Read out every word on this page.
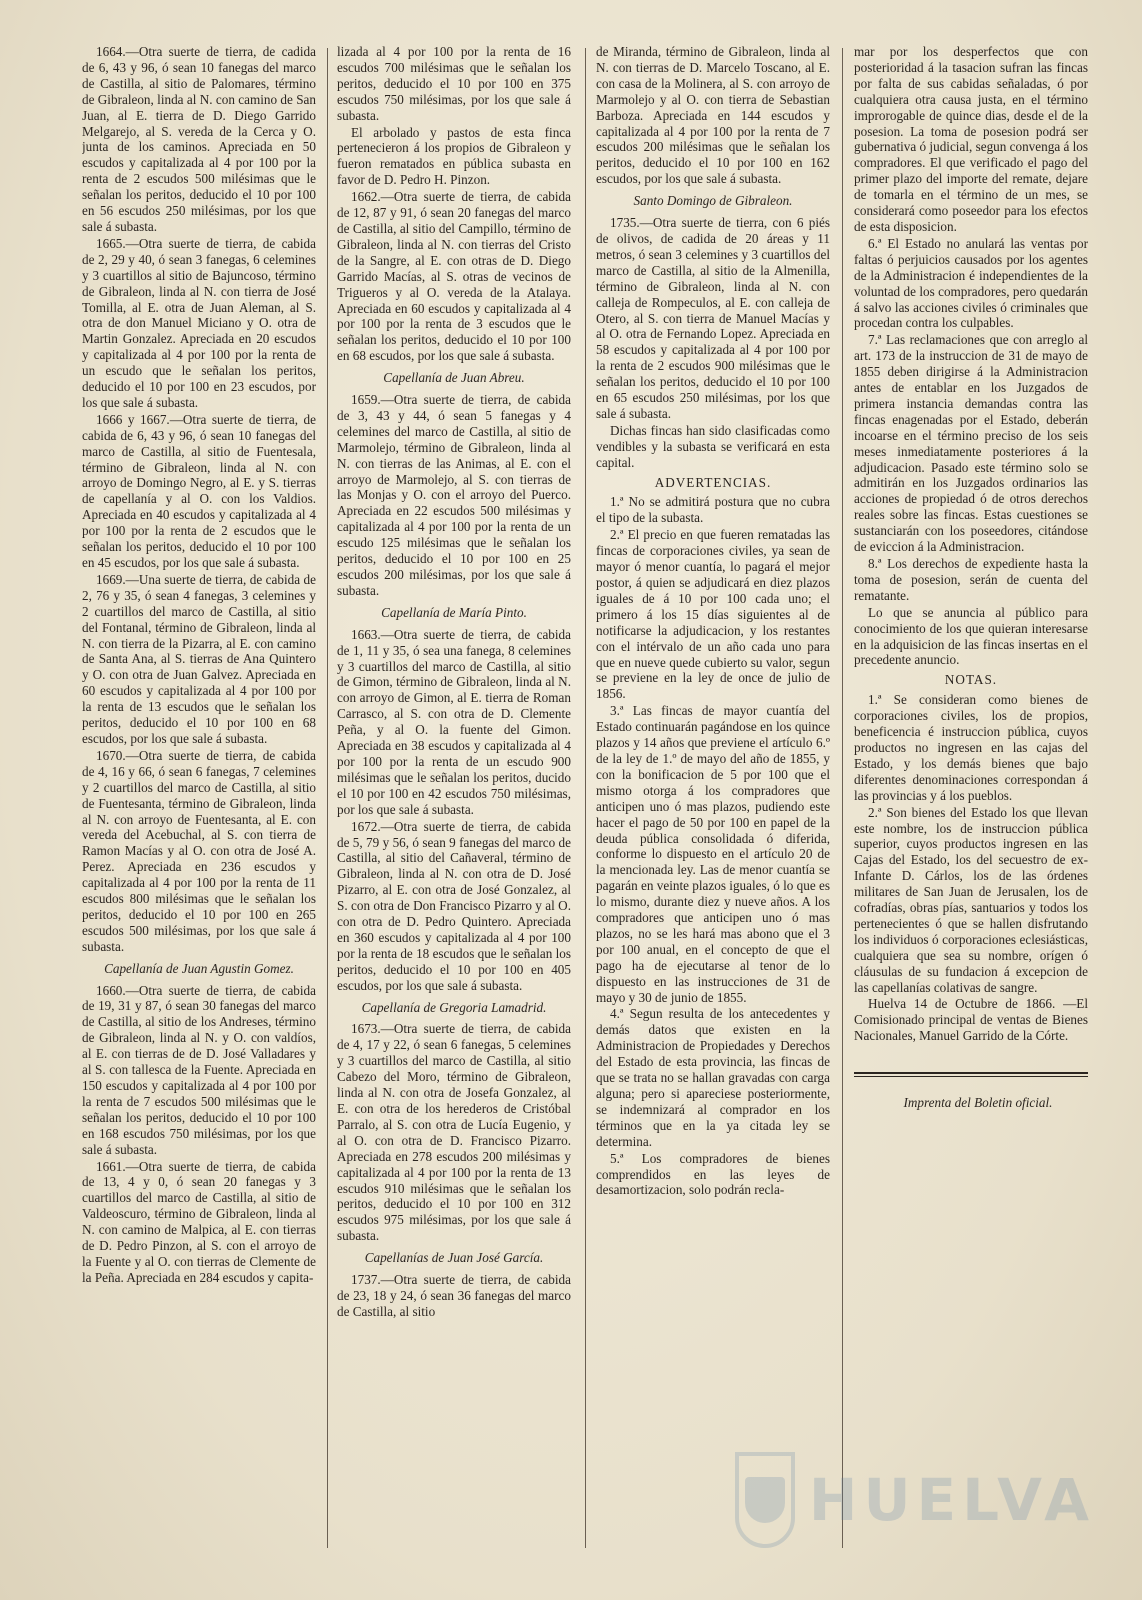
1664.—Otra suerte de tierra, de cadida de 6, 43 y 96, ó sean 10 fanegas del marco de Castilla, al sitio de Palomares, término de Gibraleon, linda al N. con camino de San Juan, al E. tierra de D. Diego Garrido Melgarejo, al S. vereda de la Cerca y O. junta de los caminos. Apreciada en 50 escudos y capitalizada al 4 por 100 por la renta de 2 escudos 500 milésimas que le señalan los peritos, deducido el 10 por 100 en 56 escudos 250 milésimas, por los que sale á subasta.

1665.—Otra suerte de tierra, de cabida de 2, 29 y 40, ó sean 3 fanegas, 6 celemines y 3 cuartillos al sitio de Bajuncoso, término de Gibraleon, linda al N. con tierra de José Tomilla, al E. otra de Juan Aleman, al S. otra de don Manuel Miciano y O. otra de Martin Gonzalez. Apreciada en 20 escudos y capitalizada al 4 por 100 por la renta de un escudo que le señalan los peritos, deducido el 10 por 100 en 23 escudos, por los que sale á subasta.

1666 y 1667.—Otra suerte de tierra, de cabida de 6, 43 y 96, ó sean 10 fanegas del marco de Castilla, al sitio de Fuentesala, término de Gibraleon, linda al N. con arroyo de Domingo Negro, al E. y S. tierras de capellanía y al O. con los Valdios. Apreciada en 40 escudos y capitalizada al 4 por 100 por la renta de 2 escudos que le señalan los peritos, deducido el 10 por 100 en 45 escudos, por los que sale á subasta.

1669.—Una suerte de tierra, de cabida de 2, 76 y 35, ó sean 4 fanegas, 3 celemines y 2 cuartillos del marco de Castilla, al sitio del Fontanal, término de Gibraleon, linda al N. con tierra de la Pizarra, al E. con camino de Santa Ana, al S. tierras de Ana Quintero y O. con otra de Juan Galvez. Apreciada en 60 escudos y capitalizada al 4 por 100 por la renta de 13 escudos que le señalan los peritos, deducido el 10 por 100 en 68 escudos, por los que sale á subasta.

1670.—Otra suerte de tierra, de cabida de 4, 16 y 66, ó sean 6 fanegas, 7 celemines y 2 cuartillos del marco de Castilla, al sitio de Fuentesanta, término de Gibraleon, linda al N. con arroyo de Fuentesanta, al E. con vereda del Acebuchal, al S. con tierra de Ramon Macías y al O. con otra de José A. Perez. Apreciada en 236 escudos y capitalizada al 4 por 100 por la renta de 11 escudos 800 milésimas que le señalan los peritos, deducido el 10 por 100 en 265 escudos 500 milésimas, por los que sale á subasta.

Capellanía de Juan Agustin Gomez.

1660.—Otra suerte de tierra, de cabida de 19, 31 y 87, ó sean 30 fanegas del marco de Castilla, al sitio de los Andreses, término de Gibraleon, linda al N. y O. con valdíos, al E. con tierras de de D. José Valladares y al S. con tallesca de la Fuente. Apreciada en 150 escudos y capitalizada al 4 por 100 por la renta de 7 escudos 500 milésimas que le señalan los peritos, deducido el 10 por 100 en 168 escudos 750 milésimas, por los que sale á subasta.

1661.—Otra suerte de tierra, de cabida de 13, 4 y 0, ó sean 20 fanegas y 3 cuartillos del marco de Castilla, al sitio de Valdeoscuro, término de Gibraleon, linda al N. con camino de Malpica, al E. con tierras de D. Pedro Pinzon, al S. con el arroyo de la Fuente y al O. con tierras de Clemente de la Peña. Apreciada en 284 escudos y capita-

lizada al 4 por 100 por la renta de 16 escudos 700 milésimas que le señalan los peritos, deducido el 10 por 100 en 375 escudos 750 milésimas, por los que sale á subasta.

El arbolado y pastos de esta finca pertenecieron á los propios de Gibraleon y fueron rematados en pública subasta en favor de D. Pedro H. Pinzon.

1662.—Otra suerte de tierra, de cabida de 12, 87 y 91, ó sean 20 fanegas del marco de Castilla, al sitio del Campillo, término de Gibraleon, linda al N. con tierras del Cristo de la Sangre, al E. con otras de D. Diego Garrido Macías, al S. otras de vecinos de Trigueros y al O. vereda de la Atalaya. Apreciada en 60 escudos y capitalizada al 4 por 100 por la renta de 3 escudos que le señalan los peritos, deducido el 10 por 100 en 68 escudos, por los que sale á subasta.

Capellanía de Juan Abreu.

1659.—Otra suerte de tierra, de cabida de 3, 43 y 44, ó sean 5 fanegas y 4 celemines del marco de Castilla, al sitio de Marmolejo, término de Gibraleon, linda al N. con tierras de las Animas, al E. con el arroyo de Marmolejo, al S. con tierras de las Monjas y O. con el arroyo del Puerco. Apreciada en 22 escudos 500 milésimas y capitalizada al 4 por 100 por la renta de un escudo 125 milésimas que le señalan los peritos, deducido el 10 por 100 en 25 escudos 200 milésimas, por los que sale á subasta.

Capellanía de María Pinto.

1663.—Otra suerte de tierra, de cabida de 1, 11 y 35, ó sea una fanega, 8 celemines y 3 cuartillos del marco de Castilla, al sitio de Gimon, término de Gibraleon, linda al N. con arroyo de Gimon, al E. tierra de Roman Carrasco, al S. con otra de D. Clemente Peña, y al O. la fuente del Gimon. Apreciada en 38 escudos y capitalizada al 4 por 100 por la renta de un escudo 900 milésimas que le señalan los peritos, ducido el 10 por 100 en 42 escudos 750 milésimas, por los que sale á subasta.

1672.—Otra suerte de tierra, de cabida de 5, 79 y 56, ó sean 9 fanegas del marco de Castilla, al sitio del Cañaveral, término de Gibraleon, linda al N. con otra de D. José Pizarro, al E. con otra de José Gonzalez, al S. con otra de Don Francisco Pizarro y al O. con otra de D. Pedro Quintero. Apreciada en 360 escudos y capitalizada al 4 por 100 por la renta de 18 escudos que le señalan los peritos, deducido el 10 por 100 en 405 escudos, por los que sale á subasta.

Capellanía de Gregoria Lamadrid.

1673.—Otra suerte de tierra, de cabida de 4, 17 y 22, ó sean 6 fanegas, 5 celemines y 3 cuartillos del marco de Castilla, al sitio Cabezo del Moro, término de Gibraleon, linda al N. con otra de Josefa Gonzalez, al E. con otra de los herederos de Cristóbal Parralo, al S. con otra de Lucía Eugenio, y al O. con otra de D. Francisco Pizarro. Apreciada en 278 escudos 200 milésimas y capitalizada al 4 por 100 por la renta de 13 escudos 910 milésimas que le señalan los peritos, deducido el 10 por 100 en 312 escudos 975 milésimas, por los que sale á subasta.

Capellanías de Juan José García.

1737.—Otra suerte de tierra, de cabida de 23, 18 y 24, ó sean 36 fanegas del marco de Castilla, al sitio

de Miranda, término de Gibraleon, linda al N. con tierras de D. Marcelo Toscano, al E. con casa de la Molinera, al S. con arroyo de Marmolejo y al O. con tierra de Sebastian Barboza. Apreciada en 144 escudos y capitalizada al 4 por 100 por la renta de 7 escudos 200 milésimas que le señalan los peritos, deducido el 10 por 100 en 162 escudos, por los que sale á subasta.

Santo Domingo de Gibraleon.

1735.—Otra suerte de tierra, con 6 piés de olivos, de cadida de 20 áreas y 11 metros, ó sean 3 celemines y 3 cuartillos del marco de Castilla, al sitio de la Almenilla, término de Gibraleon, linda al N. con calleja de Rompeculos, al E. con calleja de Otero, al S. con tierra de Manuel Macías y al O. otra de Fernando Lopez. Apreciada en 58 escudos y capitalizada al 4 por 100 por la renta de 2 escudos 900 milésimas que le señalan los peritos, deducido el 10 por 100 en 65 escudos 250 milésimas, por los que sale á subasta.

Dichas fincas han sido clasificadas como vendibles y la subasta se verificará en esta capital.

ADVERTENCIAS.

1.ª No se admitirá postura que no cubra el tipo de la subasta.

2.ª El precio en que fueren rematadas las fincas de corporaciones civiles, ya sean de mayor ó menor cuantía, lo pagará el mejor postor, á quien se adjudicará en diez plazos iguales de á 10 por 100 cada uno; el primero á los 15 días siguientes al de notificarse la adjudicacion, y los restantes con el intérvalo de un año cada uno para que en nueve quede cubierto su valor, segun se previene en la ley de once de julio de 1856.

3.ª Las fincas de mayor cuantía del Estado continuarán pagándose en los quince plazos y 14 años que previene el artículo 6.º de la ley de 1.º de mayo del año de 1855, y con la bonificacion de 5 por 100 que el mismo otorga á los compradores que anticipen uno ó mas plazos, pudiendo este hacer el pago de 50 por 100 en papel de la deuda pública consolidada ó diferida, conforme lo dispuesto en el artículo 20 de la mencionada ley. Las de menor cuantía se pagarán en veinte plazos iguales, ó lo que es lo mismo, durante diez y nueve años. A los compradores que anticipen uno ó mas plazos, no se les hará mas abono que el 3 por 100 anual, en el concepto de que el pago ha de ejecutarse al tenor de lo dispuesto en las instrucciones de 31 de mayo y 30 de junio de 1855.

4.ª Segun resulta de los antecedentes y demás datos que existen en la Administracion de Propiedades y Derechos del Estado de esta provincia, las fincas de que se trata no se hallan gravadas con carga alguna; pero si apareciese posteriormente, se indemnizará al comprador en los términos que en la ya citada ley se determina.

5.ª Los compradores de bienes comprendidos en las leyes de desamortizacion, solo podrán recla-

mar por los desperfectos que con posterioridad á la tasacion sufran las fincas por falta de sus cabidas señaladas, ó por cualquiera otra causa justa, en el término improrogable de quince dias, desde el de la posesion. La toma de posesion podrá ser gubernativa ó judicial, segun convenga á los compradores. El que verificado el pago del primer plazo del importe del remate, dejare de tomarla en el término de un mes, se considerará como poseedor para los efectos de esta disposicion.

6.ª El Estado no anulará las ventas por faltas ó perjuicios causados por los agentes de la Administracion é independientes de la voluntad de los compradores, pero quedarán á salvo las acciones civiles ó criminales que procedan contra los culpables.

7.ª Las reclamaciones que con arreglo al art. 173 de la instruccion de 31 de mayo de 1855 deben dirigirse á la Administracion antes de entablar en los Juzgados de primera instancia demandas contra las fincas enagenadas por el Estado, deberán incoarse en el término preciso de los seis meses inmediatamente posteriores á la adjudicacion. Pasado este término solo se admitirán en los Juzgados ordinarios las acciones de propiedad ó de otros derechos reales sobre las fincas. Estas cuestiones se sustanciarán con los poseedores, citándose de eviccion á la Administracion.

8.ª Los derechos de expediente hasta la toma de posesion, serán de cuenta del rematante.

Lo que se anuncia al público para conocimiento de los que quieran interesarse en la adquisicion de las fincas insertas en el precedente anuncio.

NOTAS.

1.ª Se consideran como bienes de corporaciones civiles, los de propios, beneficencia é instruccion pública, cuyos productos no ingresen en las cajas del Estado, y los demás bienes que bajo diferentes denominaciones correspondan á las provincias y á los pueblos.

2.ª Son bienes del Estado los que llevan este nombre, los de instruccion pública superior, cuyos productos ingresen en las Cajas del Estado, los del secuestro de ex-Infante D. Cárlos, los de las órdenes militares de San Juan de Jerusalen, los de cofradías, obras pías, santuarios y todos los pertenecientes ó que se hallen disfrutando los individuos ó corporaciones eclesiásticas, cualquiera que sea su nombre, orígen ó cláusulas de su fundacion á excepcion de las capellanías colativas de sangre.

Huelva 14 de Octubre de 1866. —El Comisionado principal de ventas de Bienes Nacionales, Manuel Garrido de la Córte.

Imprenta del Boletin oficial.

HUELVA
